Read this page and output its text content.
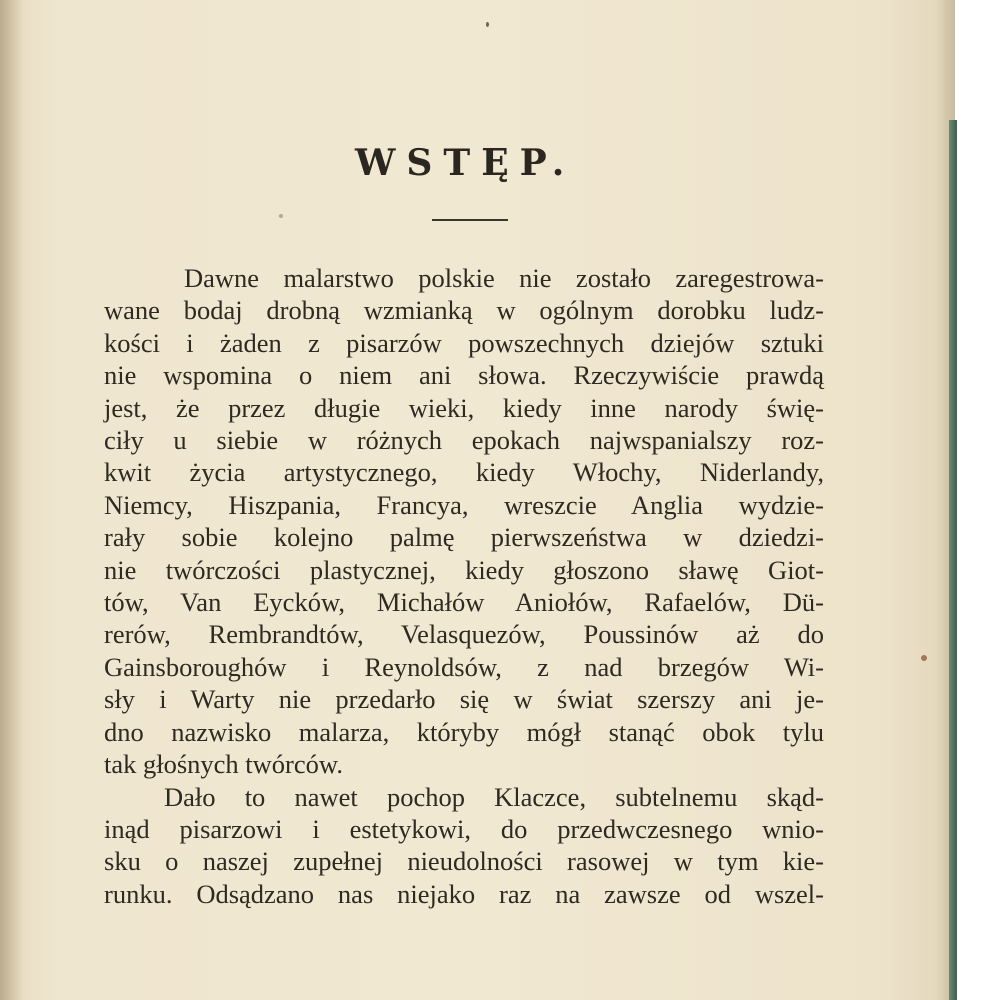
WSTĘP.
Dawne malarstwo polskie nie zostało zaregestrowa-
wane bodaj drobną wzmianką w ogólnym dorobku ludz-
kości i żaden z pisarzów powszechnych dziejów sztuki
nie wspomina o niem ani słowa. Rzeczywiście prawdą
jest, że przez długie wieki, kiedy inne narody świę-
ciły u siebie w różnych epokach najwspanialszy roz-
kwit życia artystycznego, kiedy Włochy, Niderlandy,
Niemcy, Hiszpania, Francya, wreszcie Anglia wydzie-
rały sobie kolejno palmę pierwszeństwa w dziedzi-
nie twórczości plastycznej, kiedy głoszono sławę Giot-
tów, Van Eycków, Michałów Aniołów, Rafaelów, Dü-
rerów, Rembrandtów, Velasquezów, Poussinów aż do
Gainsboroughów i Reynoldsów, z nad brzegów Wi-
sły i Warty nie przedarło się w świat szerszy ani je-
dno nazwisko malarza, któryby mógł stanąć obok tylu
tak głośnych twórców.
Dało to nawet pochop Klaczce, subtelnemu skąd-
inąd pisarzowi i estetykowi, do przedwczesnego wnio-
sku o naszej zupełnej nieudolności rasowej w tym kie-
runku. Odsądzano nas niejako raz na zawsze od wszel-
